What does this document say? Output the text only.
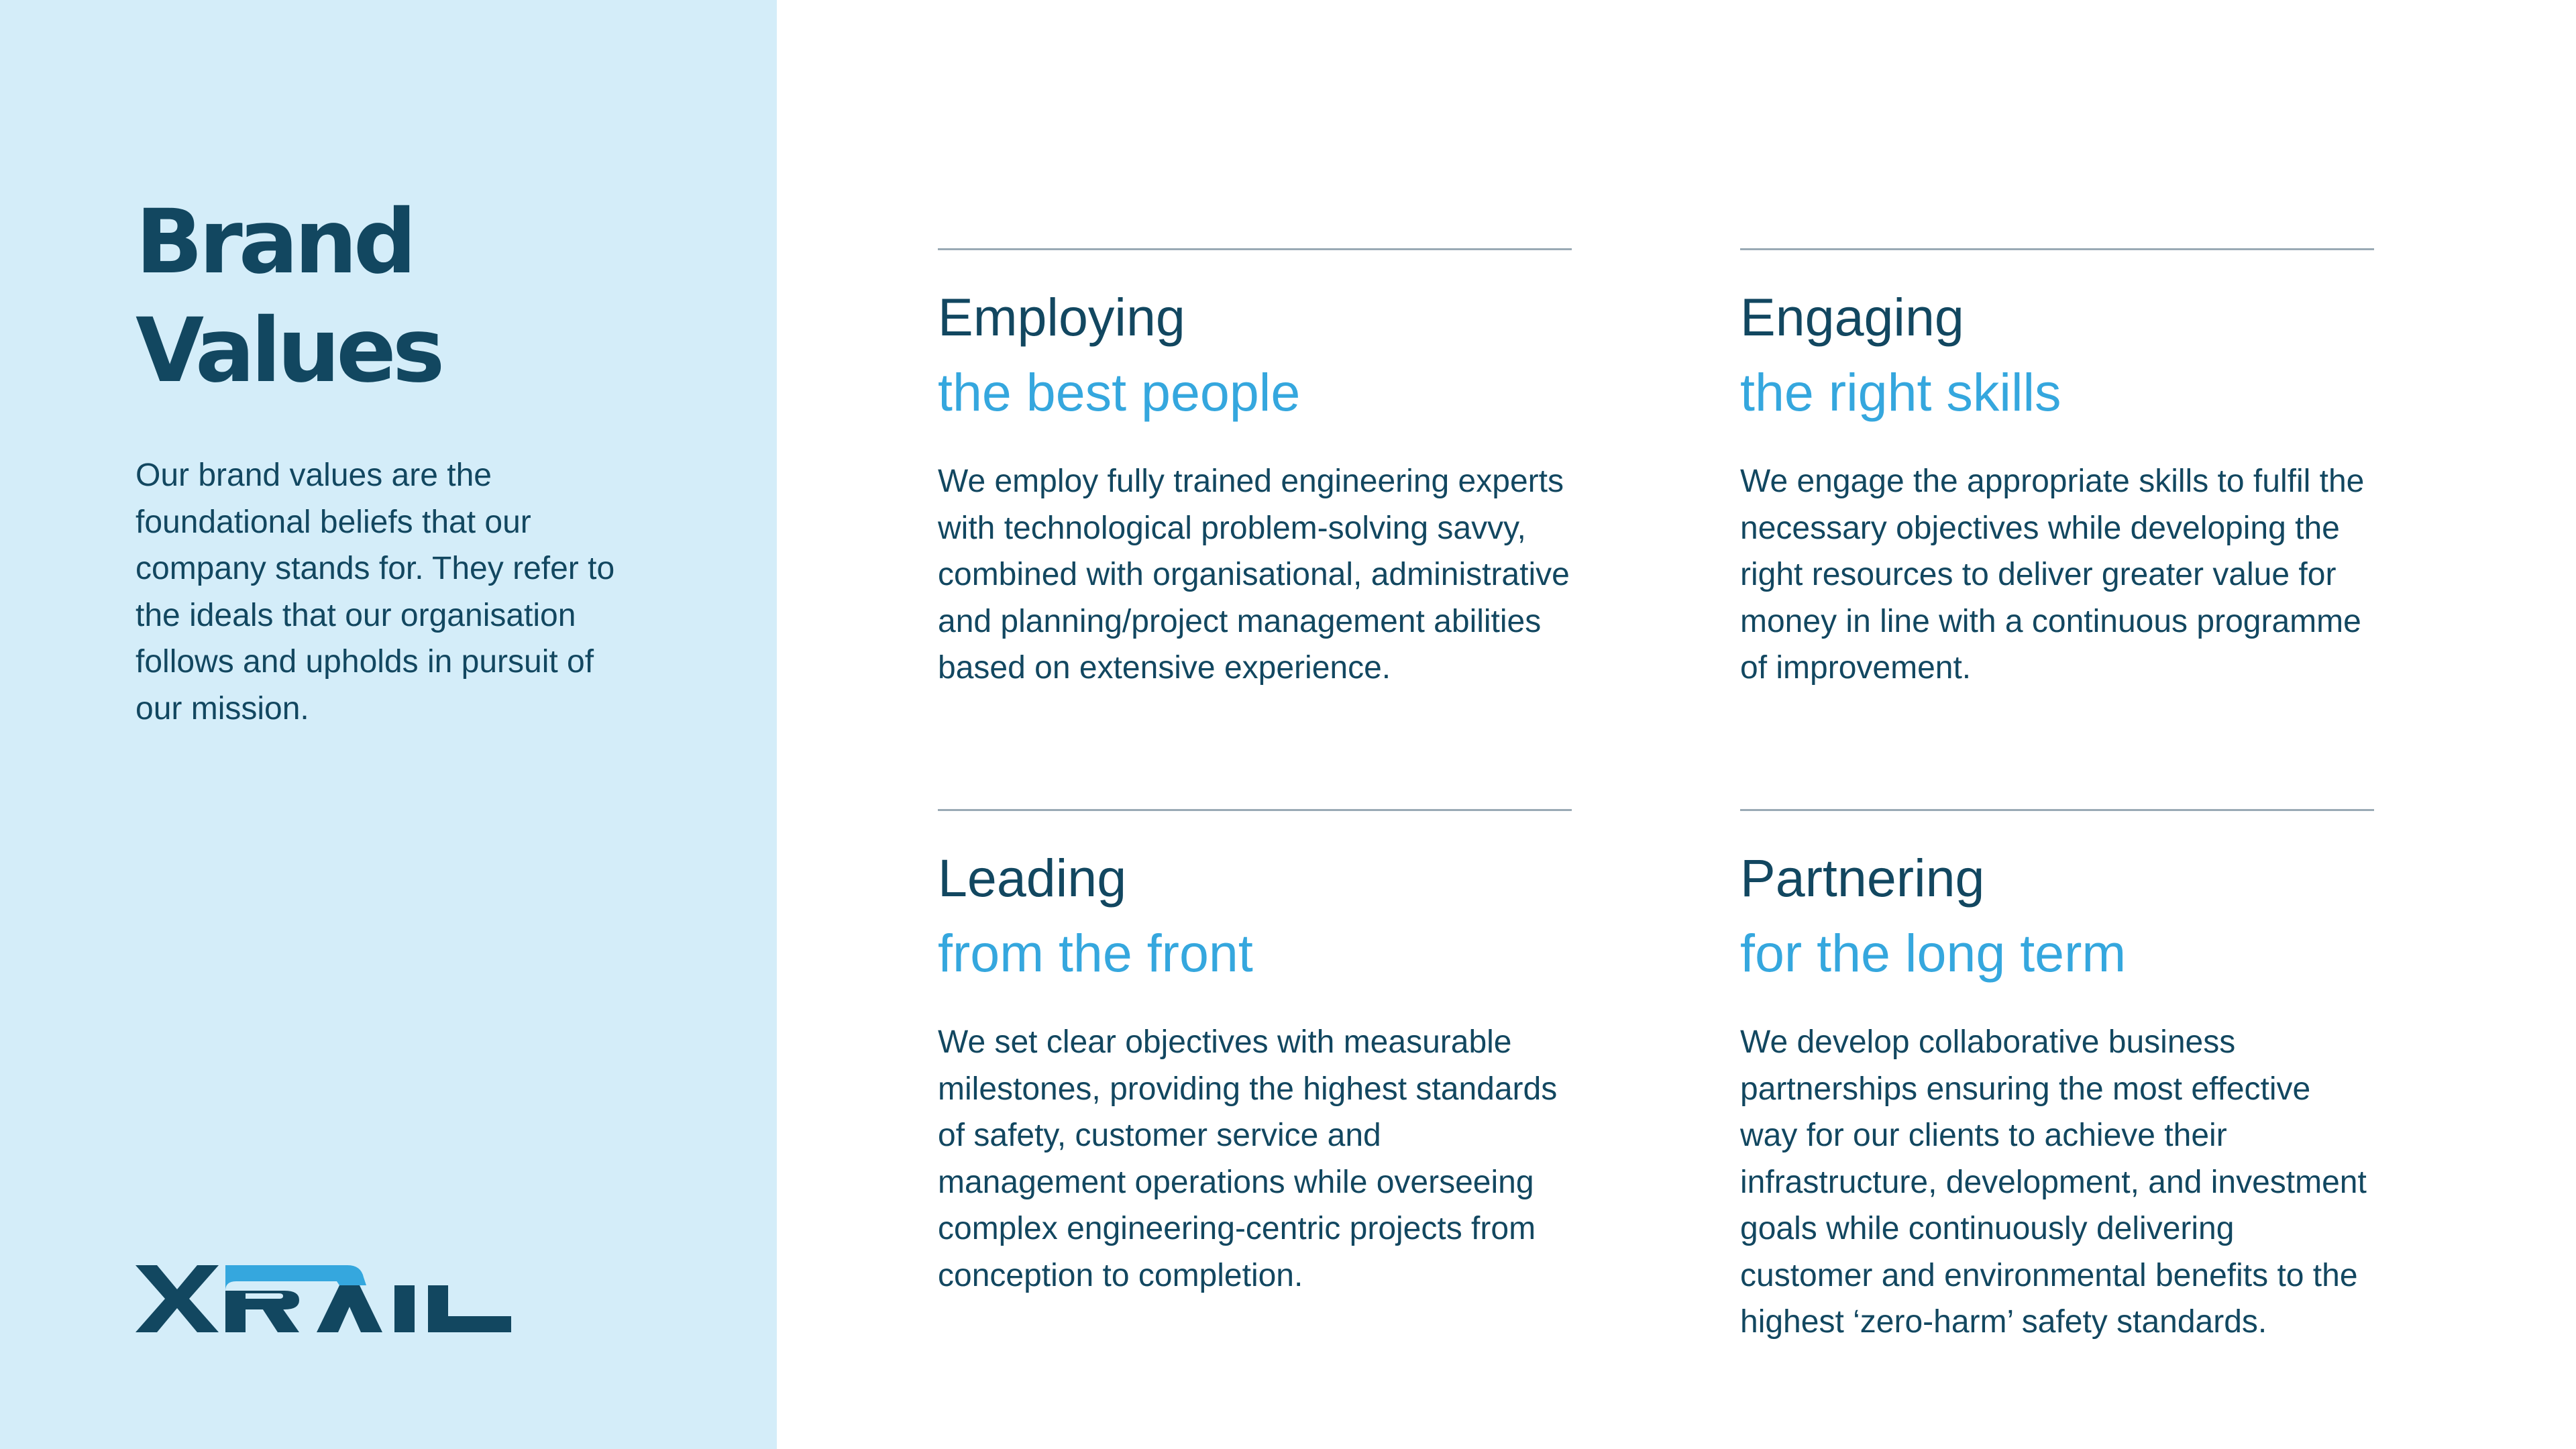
Brand
Values

Our brand values are the foundational beliefs that our company stands for. They refer to the ideals that our organisation follows and upholds in pursuit of our mission.

Employing
the best people
We employ fully trained engineering experts with technological problem-solving savvy, combined with organisational, administrative and planning/project management abilities based on extensive experience.
Engaging
the right skills
We engage the appropriate skills to fulfil the necessary objectives while developing the right resources to deliver greater value for money in line with a continuous programme of improvement.
Leading
from the front
We set clear objectives with measurable milestones, providing the highest standards of safety, customer service and management operations while overseeing complex engineering-centric projects from conception to completion.
Partnering
for the long term
We develop collaborative business partnerships ensuring the most effective way for our clients to achieve their infrastructure, development, and investment goals while continuously delivering customer and environmental benefits to the highest ‘zero-harm’ safety standards.
